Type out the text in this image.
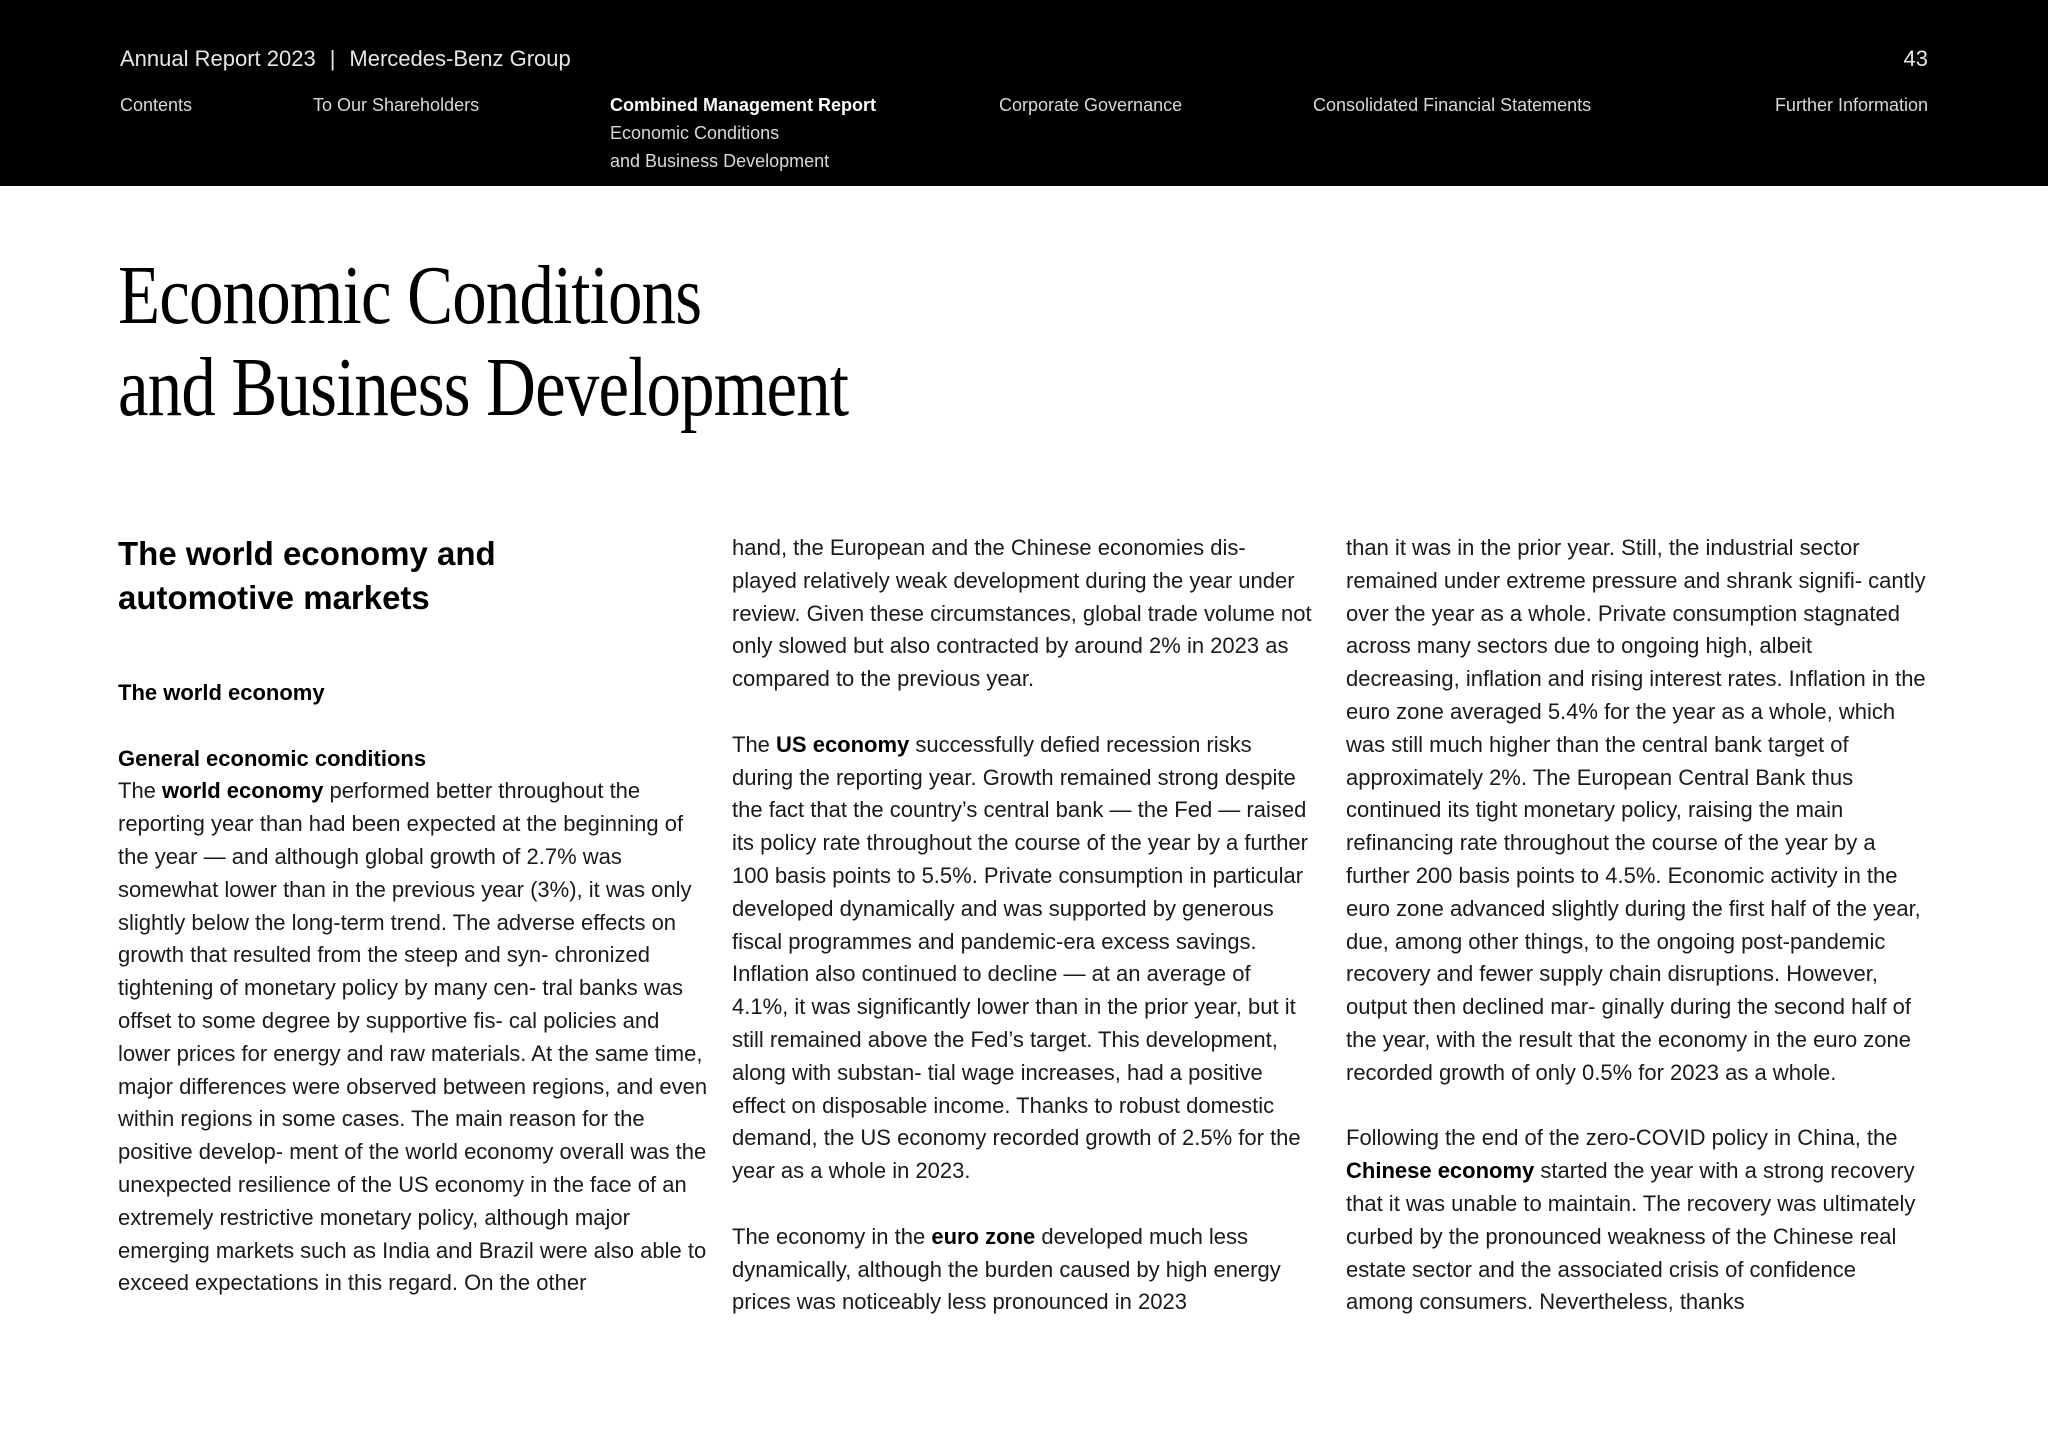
Annual Report 2023 | Mercedes-Benz Group	43
Contents	To Our Shareholders	Combined Management Report
Economic Conditions
and Business Development
Corporate Governance	Consolidated Financial Statements	Further Information
Economic Conditions
and Business Development
The world economy and
automotive markets

The world economy

General economic conditions

The world economy performed better throughout the reporting year than had been expected at the beginning of the year — and although global growth of 2.7% was somewhat lower than in the previous year (3%), it was only slightly below the long-term trend. The adverse effects on growth that resulted from the steep and syn- chronized tightening of monetary policy by many cen- tral banks was offset to some degree by supportive fis- cal policies and lower prices for energy and raw materials. At the same time, major differences were observed between regions, and even within regions in some cases. The main reason for the positive develop- ment of the world economy overall was the unexpected resilience of the US economy in the face of an extremely restrictive monetary policy, although major emerging markets such as India and Brazil were also able to exceed expectations in this regard. On the other

hand, the European and the Chinese economies dis- played relatively weak development during the year under review. Given these circumstances, global trade volume not only slowed but also contracted by around 2% in 2023 as compared to the previous year.

The US economy successfully defied recession risks during the reporting year. Growth remained strong despite the fact that the country’s central bank — the Fed — raised its policy rate throughout the course of the year by a further 100 basis points to 5.5%. Private consumption in particular developed dynamically and was supported by generous fiscal programmes and pandemic-era excess savings. Inflation also continued to decline — at an average of 4.1%, it was significantly lower than in the prior year, but it still remained above the Fed’s target. This development, along with substan- tial wage increases, had a positive effect on disposable income. Thanks to robust domestic demand, the US economy recorded growth of 2.5% for the year as a whole in 2023.

The economy in the euro zone developed much less dynamically, although the burden caused by high energy prices was noticeably less pronounced in 2023

than it was in the prior year. Still, the industrial sector remained under extreme pressure and shrank signifi- cantly over the year as a whole. Private consumption stagnated across many sectors due to ongoing high, albeit decreasing, inflation and rising interest rates. Inflation in the euro zone averaged 5.4% for the year as a whole, which was still much higher than the central bank target of approximately 2%. The European Central Bank thus continued its tight monetary policy, raising the main refinancing rate throughout the course of the year by a further 200 basis points to 4.5%. Economic activity in the euro zone advanced slightly during the first half of the year, due, among other things, to the ongoing post-pandemic recovery and fewer supply chain disruptions. However, output then declined mar- ginally during the second half of the year, with the result that the economy in the euro zone recorded growth of only 0.5% for 2023 as a whole.

Following the end of the zero-COVID policy in China, the Chinese economy started the year with a strong recovery that it was unable to maintain. The recovery was ultimately curbed by the pronounced weakness of the Chinese real estate sector and the associated crisis of confidence among consumers. Nevertheless, thanks
